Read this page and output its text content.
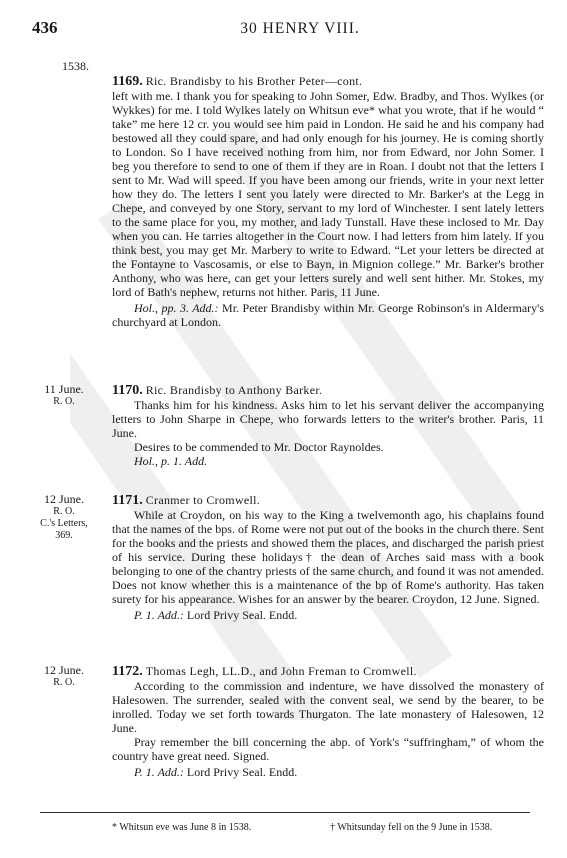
436	30 HENRY VIII.
1538.
1169. Ric. Brandisby to his Brother Peter—cont.

left with me. I thank you for speaking to John Somer, Edw. Bradby, and Thos. Wylkes (or Wykkes) for me. I told Wylkes lately on Whitsun eve* what you wrote, that if he would “ take” me here 12 cr. you would see him paid in London. He said he and his company had bestowed all they could spare, and had only enough for his journey. He is coming shortly to London. So I have received nothing from him, nor from Edward, nor John Somer. I beg you therefore to send to one of them if they are in Roan. I doubt not that the letters I sent to Mr. Wad will speed. If you have been among our friends, write in your next letter how they do. The letters I sent you lately were directed to Mr. Barker's at the Legg in Chepe, and conveyed by one Story, servant to my lord of Winchester. I sent lately letters to the same place for you, my mother, and lady Tunstall. Have these inclosed to Mr. Day when you can. He tarries altogether in the Court now. I had letters from him lately. If you think best, you may get Mr. Marbery to write to Edward. “Let your letters be directed at the Fontayne to Vascosamis, or else to Bayn, in Mignion college.” Mr. Barker's brother Anthony, who was here, can get your letters surely and well sent hither. Mr. Stokes, my lord of Bath's nephew, returns not hither. Paris, 11 June.

Hol., pp. 3. Add.: Mr. Peter Brandisby within Mr. George Robinson's in Aldermary's churchyard at London.

11 June.
R. O.
1170. Ric. Brandisby to Anthony Barker.

Thanks him for his kindness. Asks him to let his servant deliver the accompanying letters to John Sharpe in Chepe, who forwards letters to the writer's brother. Paris, 11 June.

Desires to be commended to Mr. Doctor Raynoldes.

Hol., p. 1. Add.

12 June.
R. O.
C.'s Letters,
369.
1171. Cranmer to Cromwell.

While at Croydon, on his way to the King a twelvemonth ago, his chaplains found that the names of the bps. of Rome were not put out of the books in the church there. Sent for the books and the priests and showed them the places, and discharged the parish priest of his service. During these holidays† the dean of Arches said mass with a book belonging to one of the chantry priests of the same church, and found it was not amended. Does not know whether this is a maintenance of the bp of Rome's authority. Has taken surety for his appearance. Wishes for an answer by the bearer. Croydon, 12 June. Signed.

P. 1. Add.: Lord Privy Seal. Endd.

12 June.
R. O.
1172. Thomas Legh, LL.D., and John Freman to Cromwell.

According to the commission and indenture, we have dissolved the monastery of Halesowen. The surrender, sealed with the convent seal, we send by the bearer, to be inrolled. Today we set forth towards Thurgaton. The late monastery of Halesowen, 12 June.

Pray remember the bill concerning the abp. of York's “suffringham,” of whom the country have great need. Signed.

P. 1. Add.: Lord Privy Seal. Endd.

* Whitsun eve was June 8 in 1538.	† Whitsunday fell on the 9 June in 1538.
